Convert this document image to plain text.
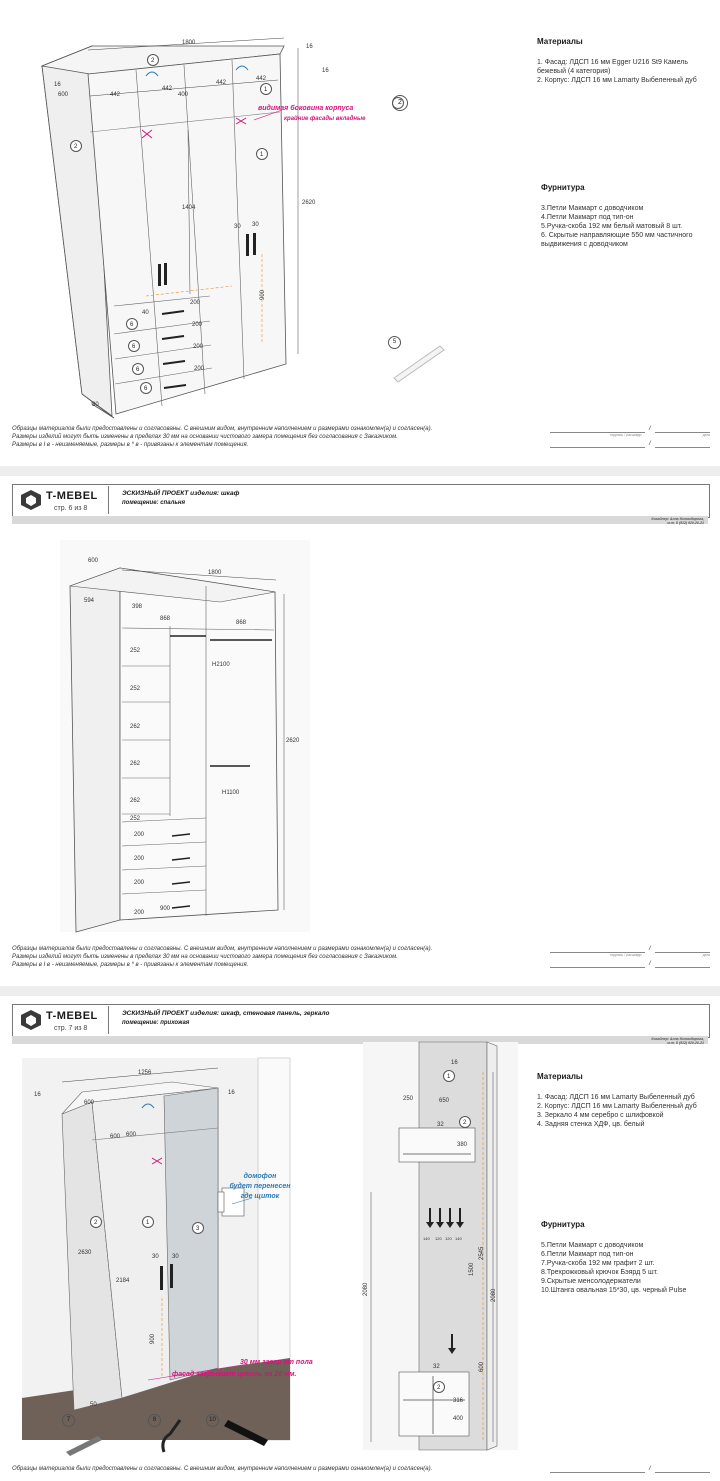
1800
16
16
16
600	442
442
442
442
400
1404
2620
900
30 30
30
40
200
200
200
200
видимая боковина корпуса
крайние фасады вкладные
2
2
1
1
6
6
6
6
2
5
Материалы
1. Фасад: ЛДСП 16 мм Egger U216 St9 Камель бежевый (4 категория)
2. Корпус: ЛДСП 16 мм Lamarty Выбеленный дуб
Фурнитура
3.Петли Макмарт с доводчиком
4.Петли Макмарт под тип-он
5.Ручка-скоба 192 мм белый матовый 8 шт.
6. Скрытые направляющие 550 мм частичного выдвижения с доводчиком
Образцы материалов были предоставлены и согласованы. С внешним видом, внутренним наполнением и размерами ознакомлен(а) и согласен(а).
Размеры изделий могут быть изменены в пределах 30 мм на основании чистового замера помещения без согласования с Заказчиком.
Размеры в I в - неизменяемые, размеры в * в - привязаны к элементам помещения.
/
подпись / расшифр.	дата
/
T-MEBEL
стр. 6 из 8
ЭСКИЗНЫЙ ПРОЕКТ изделия: шкаф
помещение: спальня
дизайнер: Анна Коломдарова,
м.т. 8 (912) 620-20-21
1800
600
594
398
868
868
252
252
262
262
262
252
2620
H2100
H1100
200
200
200
200
900
Образцы материалов были предоставлены и согласованы. С внешним видом, внутренним наполнением и размерами ознакомлен(а) и согласен(а).
Размеры изделий могут быть изменены в пределах 30 мм на основании чистового замера помещения без согласования с Заказчиком.
Размеры в I в - неизменяемые, размеры в * в - привязаны к элементам помещения.
/
подпись / расшифр.	дата
/
T-MEBEL
стр. 7 из 8
ЭСКИЗНЫЙ ПРОЕКТ изделия: шкаф, стеновая панель, зеркало
помещение: прихожая
дизайнер: Анна Коломдарова,
м.т. 8 (912) 620-20-21
1256
16	16
600
600 600
2630
2184
900
30 30
50
домофон
будет перенесен
где щиток
30 мм зазор от пола
фасад закрывает цоколь на 20 мм.
2	1
3
16
250	650
32
380
2545
1500
2080
2080
600
32
316
400
140 120 120 140
1
2
2
Материалы
1. Фасад: ЛДСП 16 мм Lamarty Выбеленный дуб
2. Корпус: ЛДСП 16 мм Lamarty Выбеленный дуб
3. Зеркало 4 мм серебро с шлифовкой
4. Задняя стенка ХДФ, цв. белый
Фурнитура
5.Петли Макмарт с доводчиком
6.Петли Макмарт под тип-он
7.Ручка-скоба 192 мм графит 2 шт.
8.Трехрожковый крючок Бэярд 5 шт.
9.Скрытые менсолодержатели
10.Штанга овальная 15*30, цв. черный Pulse
7	8	10
Образцы материалов были предоставлены и согласованы. С внешним видом, внутренним наполнением и размерами ознакомлен(а) и согласен(а).	/
